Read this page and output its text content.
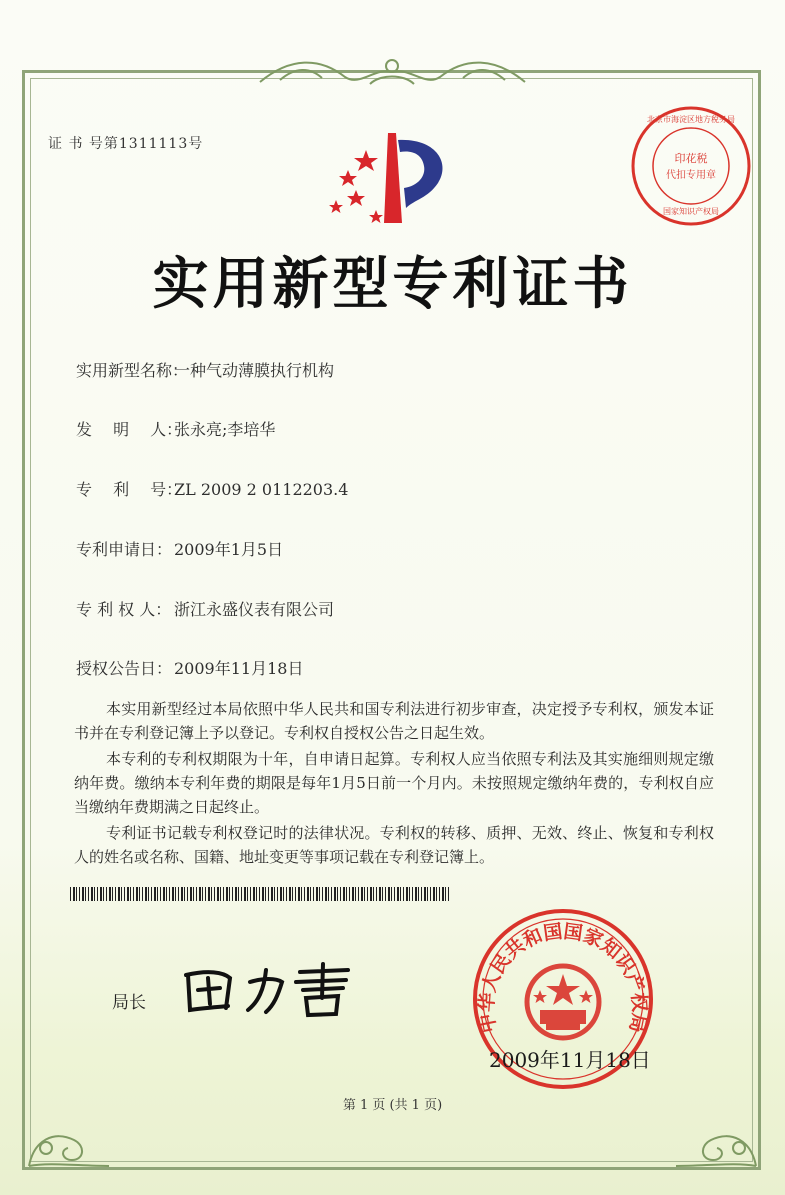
证 书 号第1311113号
印花税
代扣专用章
北京市海淀区地方税务局
国家知识产权局
实用新型专利证书
实用新型名称：一种气动薄膜执行机构
发　 明　 人：张永亮;李培华
专　 利　 号：ZL 2009 2 0112203.4
专利申请日： 2009年1月5日
专 利 权 人： 浙江永盛仪表有限公司
授权公告日： 2009年11月18日
本实用新型经过本局依照中华人民共和国专利法进行初步审查，决定授予专利权，颁发本证书并在专利登记簿上予以登记。专利权自授权公告之日起生效。
本专利的专利权期限为十年，自申请日起算。专利权人应当依照专利法及其实施细则规定缴纳年费。缴纳本专利年费的期限是每年1月5日前一个月内。未按照规定缴纳年费的，专利权自应当缴纳年费期满之日起终止。
专利证书记载专利权登记时的法律状况。专利权的转移、质押、无效、终止、恢复和专利权人的姓名或名称、国籍、地址变更等事项记载在专利登记簿上。
局长
中华人民共和国国家知识产权局
2009年11月18日
第 1 页 (共 1 页)
